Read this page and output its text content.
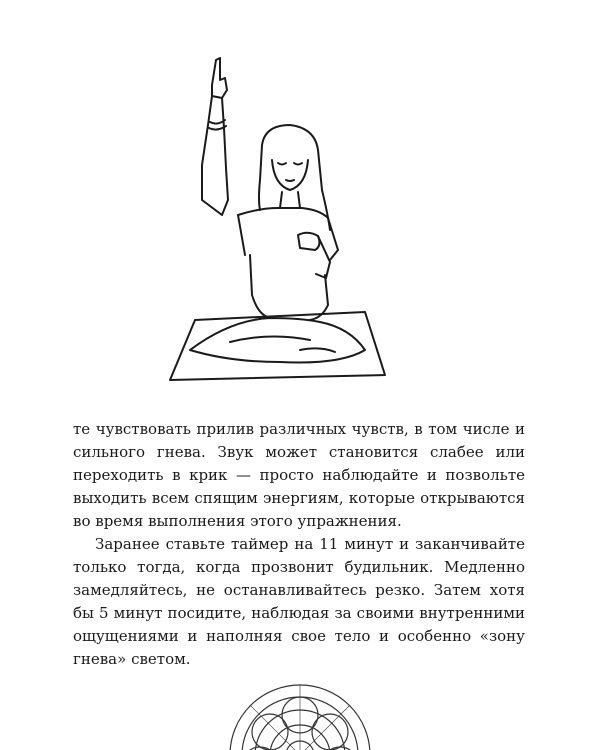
те чувствовать прилив различных чувств, в том числе и сильного гнева. Звук может становится слабее или переходить в крик — просто наблюдайте и позвольте выходить всем спящим энергиям, которые открываются во время выполнения этого упражнения.

Заранее ставьте таймер на 11 минут и заканчивайте только тогда, когда прозвонит будильник. Медленно замедляйтесь, не останавливайтесь резко. Затем хотя бы 5 минут посидите, наблюдая за своими внутренними ощущениями и наполняя свое тело и особенно «зону гнева» светом.
